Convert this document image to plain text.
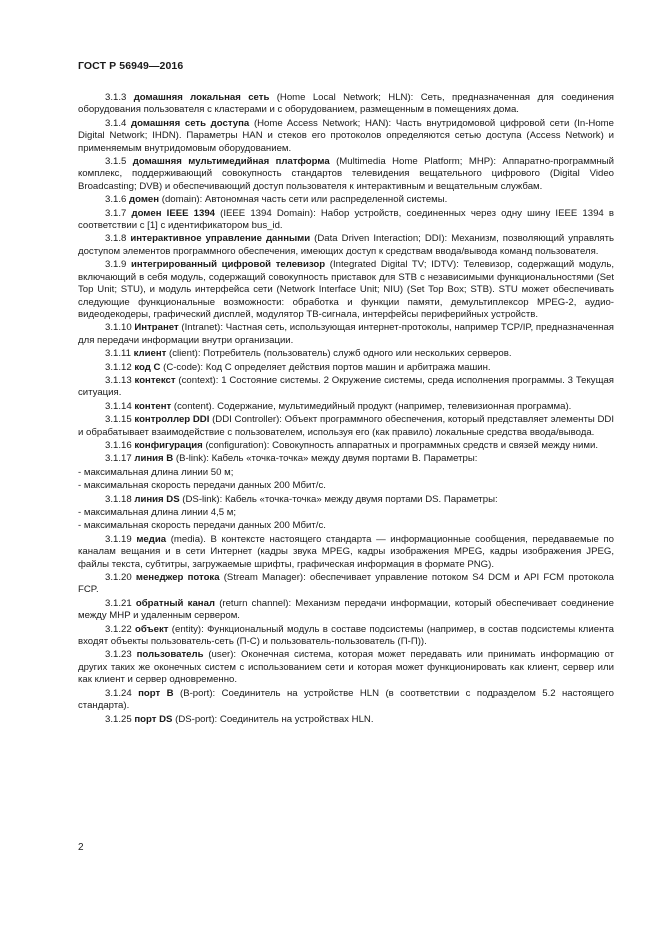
ГОСТ Р 56949—2016

3.1.3 домашняя локальная сеть (Home Local Network; HLN): Сеть, предназначенная для соединения оборудования пользователя с кластерами и с оборудованием, размещенным в помещениях дома.

3.1.4 домашняя сеть доступа (Home Access Network; HAN): Часть внутридомовой цифровой сети (In-Home Digital Network; IHDN). Параметры HAN и стеков его протоколов определяются сетью доступа (Access Network) и применяемым внутридомовым оборудованием.

3.1.5 домашняя мультимедийная платформа (Multimedia Home Platform; MHP): Аппаратно-программный комплекс, поддерживающий совокупность стандартов телевидения вещательного цифрового (Digital Video Broadcasting; DVB) и обеспечивающий доступ пользователя к интерактивным и вещательным службам.

3.1.6 домен (domain): Автономная часть сети или распределенной системы.

3.1.7 домен IEEE 1394 (IEEE 1394 Domain): Набор устройств, соединенных через одну шину IEEE 1394 в соответствии с [1] с идентификатором bus_id.

3.1.8 интерактивное управление данными (Data Driven Interaction; DDI): Механизм, позволяющий управлять доступом элементов программного обеспечения, имеющих доступ к средствам ввода/вывода команд пользователя.

3.1.9 интегрированный цифровой телевизор (Integrated Digital TV; IDTV): Телевизор, содержащий модуль, включающий в себя модуль, содержащий совокупность приставок для STB с независимыми функциональностями (Set Top Unit; STU), и модуль интерфейса сети (Network Interface Unit; NIU) (Set Top Box; STB). STU может обеспечивать следующие функциональные возможности: обработка и функции памяти, демультиплексор MPEG-2, аудио-видеодекодеры, графический дисплей, модулятор ТВ-сигнала, интерфейсы периферийных устройств.

3.1.10 Интранет (Intranet): Частная сеть, использующая интернет-протоколы, например TCP/IP, предназначенная для передачи информации внутри организации.

3.1.11 клиент (client): Потребитель (пользователь) служб одного или нескольких серверов.

3.1.12 код С (C-code): Код С определяет действия портов машин и арбитража машин.

3.1.13 контекст (context): 1 Состояние системы. 2 Окружение системы, среда исполнения программы. 3 Текущая ситуация.

3.1.14 контент (content). Содержание, мультимедийный продукт (например, телевизионная программа).

3.1.15 контроллер DDI (DDI Controller): Объект программного обеспечения, который представляет элементы DDI и обрабатывает взаимодействие с пользователем, используя его (как правило) локальные средства ввода/вывода.

3.1.16 конфигурация (configuration): Совокупность аппаратных и программных средств и связей между ними.

3.1.17 линия В (B-link): Кабель «точка-точка» между двумя портами В. Параметры:

- максимальная длина линии 50 м;

- максимальная скорость передачи данных 200 Мбит/с.

3.1.18 линия DS (DS-link): Кабель «точка-точка» между двумя портами DS. Параметры:

- максимальная длина линии 4,5 м;

- максимальная скорость передачи данных 200 Мбит/с.

3.1.19 медиа (media). В контексте настоящего стандарта — информационные сообщения, передаваемые по каналам вещания и в сети Интернет (кадры звука MPEG, кадры изображения MPEG, кадры изображения JPEG, файлы текста, субтитры, загружаемые шрифты, графическая информация в формате PNG).

3.1.20 менеджер потока (Stream Manager): обеспечивает управление потоком S4 DCM и API FCM протокола FCP.

3.1.21 обратный канал (return channel): Механизм передачи информации, который обеспечивает соединение между MHP и удаленным сервером.

3.1.22 объект (entity): Функциональный модуль в составе подсистемы (например, в состав подсистемы клиента входят объекты пользователь-сеть (П-С) и пользователь-пользователь (П-П)).

3.1.23 пользователь (user): Оконечная система, которая может передавать или принимать информацию от других таких же оконечных систем с использованием сети и которая может функционировать как клиент, сервер или как клиент и сервер одновременно.

3.1.24 порт В (B-port): Соединитель на устройстве HLN (в соответствии с подразделом 5.2 настоящего стандарта).

3.1.25 порт DS (DS-port): Соединитель на устройствах HLN.

2
